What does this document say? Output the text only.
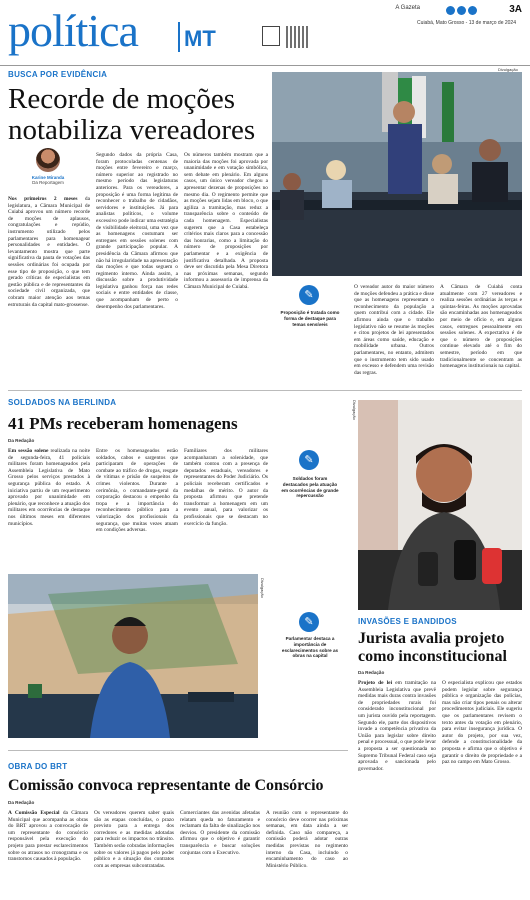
política MT
A Gazeta	3A
Cuiabá, Mato Grosso - 13 de março de 2024
BUSCA POR EVIDÊNCIA
Recorde de moções notabiliza vereadores
Divulgação
Karine Miranda
Da Reportagem
Nos primeiros 2 meses da legislatura, a Câmara Municipal de Cuiabá aprovou um número recorde de moções de aplausos, congratulações e repúdio, instrumento utilizado pelos parlamentares para homenagear personalidades e entidades. O levantamento mostra que parte significativa da pauta de votações das sessões ordinárias foi ocupada por esse tipo de proposição, o que tem gerado críticas de especialistas em gestão pública e de representantes da sociedade civil organizada, que cobram maior atenção aos temas estruturais da capital mato-grossense.
Segundo dados da própria Casa, foram protocoladas centenas de moções entre fevereiro e março, número superior ao registrado no mesmo período das legislaturas anteriores. Para os vereadores, a proposição é uma forma legítima de reconhecer o trabalho de cidadãos, servidores e instituições. Já para analistas políticos, o volume excessivo pode indicar uma estratégia de visibilidade eleitoral, uma vez que as homenagens costumam ser entregues em sessões solenes com grande participação popular. A presidência da Câmara afirmou que não há irregularidade na apresentação das moções e que todas seguem o regimento interno. Ainda assim, a discussão sobre a produtividade legislativa ganhou força nas redes sociais e entre entidades de classe, que acompanham de perto o desempenho dos parlamentares.
Os números também mostram que a maioria das moções foi aprovada por unanimidade e em votação simbólica, sem debate em plenário. Em alguns casos, um único vereador chegou a apresentar dezenas de proposições no mesmo dia. O regimento permite que as moções sejam lidas em bloco, o que agiliza a tramitação, mas reduz a transparência sobre o conteúdo de cada homenagem. Especialistas sugerem que a Casa estabeleça critérios mais claros para a concessão das honrarias, como a limitação do número de proposições por parlamentar e a exigência de justificativa detalhada. A proposta deve ser discutida pela Mesa Diretora nas próximas semanas, segundo informou a assessoria de imprensa da Câmara Municipal de Cuiabá.
✎
Proposição é tratada como forma de destaque para temas sensíveis
O vereador autor do maior número de moções defendeu a prática e disse que as homenagens representam o reconhecimento da população a quem contribui com a cidade. Ele afirmou ainda que o trabalho legislativo não se resume às moções e citou projetos de lei apresentados em áreas como saúde, educação e mobilidade urbana. Outros parlamentares, no entanto, admitem que o instrumento tem sido usado em excesso e defendem uma revisão das regras.
A Câmara de Cuiabá conta atualmente com 27 vereadores e realiza sessões ordinárias às terças e quintas-feiras. As moções aprovadas são encaminhadas aos homenageados por meio de ofício e, em alguns casos, entregues pessoalmente em sessões solenes. A expectativa é de que o número de proposições continue elevado até o fim do semestre, período em que tradicionalmente se concentram as homenagens institucionais na capital.
SOLDADOS NA BERLINDA
41 PMs receberam homenagens
Da Redação
Em sessão solene realizada na noite de segunda-feira, 41 policiais militares foram homenageados pela Assembleia Legislativa de Mato Grosso pelos serviços prestados à segurança pública do estado. A iniciativa partiu de um requerimento aprovado por unanimidade em plenário, que reconhece a atuação dos militares em ocorrências de destaque nos últimos meses em diferentes municípios.
Entre os homenageados estão soldados, cabos e sargentos que participaram de operações de combate ao tráfico de drogas, resgate de vítimas e prisão de suspeitos de crimes violentos. Durante a cerimônia, o comandante-geral da corporação destacou o empenho da tropa e a importância do reconhecimento público para a valorização dos profissionais da segurança, que muitas vezes atuam em condições adversas.
Familiares dos militares acompanharam a solenidade, que também contou com a presença de deputados estaduais, vereadores e representantes do Poder Judiciário. Os policiais receberam certificados e medalhas de mérito. O autor da proposta afirmou que pretende transformar a homenagem em um evento anual, para valorizar os profissionais que se destacam no exercício da função.
✎
Soldados foram destacados pela atuação em ocorrências de grande repercussão
Divulgação
✎
Parlamentar destaca a importância de esclarecimentos sobre as obras na capital
Divulgação
INVASÕES E BANDIDOS
Jurista avalia projeto como inconstitucional
Da Redação
Projeto de lei em tramitação na Assembleia Legislativa que prevê medidas mais duras contra invasões de propriedades rurais foi considerado inconstitucional por um jurista ouvido pela reportagem. Segundo ele, parte dos dispositivos invade a competência privativa da União para legislar sobre direito penal e processual, o que pode levar a proposta a ser questionada no Supremo Tribunal Federal caso seja aprovada e sancionada pelo governador.
O especialista explicou que estados podem legislar sobre segurança pública e organização das polícias, mas não criar tipos penais ou alterar procedimentos judiciais. Ele sugeriu que os parlamentares revisem o texto antes da votação em plenário, para evitar insegurança jurídica. O autor do projeto, por sua vez, defende a constitucionalidade da proposta e afirma que o objetivo é garantir o direito de propriedade e a paz no campo em Mato Grosso.
OBRA DO BRT
Comissão convoca representante de Consórcio
Da Redação
A Comissão Especial da Câmara Municipal que acompanha as obras do BRT aprovou a convocação de um representante do consórcio responsável pela execução do projeto para prestar esclarecimentos sobre os atrasos no cronograma e os transtornos causados à população.
Os vereadores querem saber quais são as etapas concluídas, o prazo previsto para a entrega dos corredores e as medidas adotadas para reduzir os impactos no trânsito. Também serão cobradas informações sobre os valores já pagos pelo poder público e a situação dos contratos com as empresas subcontratadas.
Comerciantes das avenidas afetadas relatam queda no faturamento e reclamam da falta de sinalização nos desvios. O presidente da comissão afirmou que o objetivo é garantir transparência e buscar soluções conjuntas com o Executivo.
A reunião com o representante do consórcio deve ocorrer nas próximas semanas, em data ainda a ser definida. Caso não compareça, a comissão poderá adotar outras medidas previstas no regimento interno da Casa, incluindo o encaminhamento do caso ao Ministério Público.
